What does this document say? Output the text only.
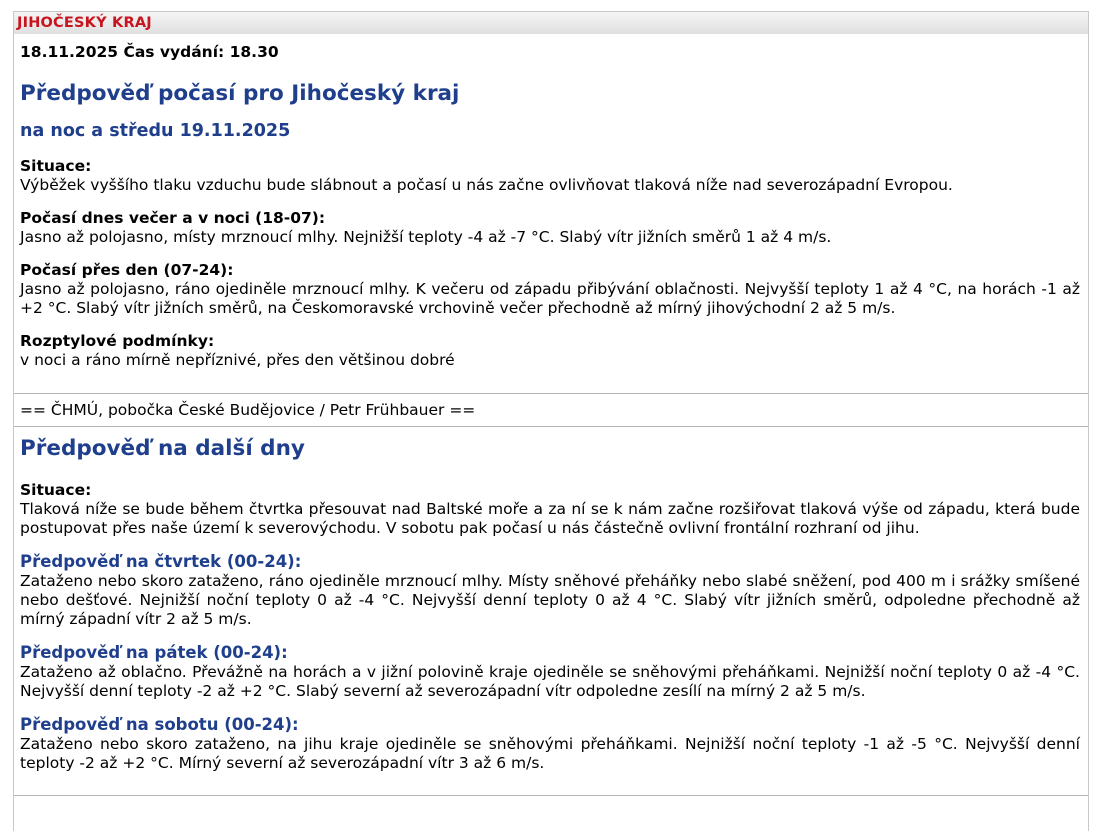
JIHOČESKÝ KRAJ
18.11.2025 Čas vydání: 18.30
Předpověď počasí pro Jihočeský kraj
na noc a středu 19.11.2025
Situace:
Výběžek vyššího tlaku vzduchu bude slábnout a počasí u nás začne ovlivňovat tlaková níže nad severozápadní Evropou.
Počasí dnes večer a v noci (18-07):
Jasno až polojasno, místy mrznoucí mlhy. Nejnižší teploty -4 až -7 °C. Slabý vítr jižních směrů 1 až 4 m/s.
Počasí přes den (07-24):
Jasno až polojasno, ráno ojediněle mrznoucí mlhy. K večeru od západu přibývání oblačnosti. Nejvyšší teploty 1 až 4 °C, na horách -1 až +2 °C. Slabý vítr jižních směrů, na Českomoravské vrchovině večer přechodně až mírný jihovýchodní 2 až 5 m/s.
Rozptylové podmínky:
v noci a ráno mírně nepříznivé, přes den většinou dobré
== ČHMÚ, pobočka České Budějovice / Petr Frühbauer ==
Předpověď na další dny
Situace:
Tlaková níže se bude během čtvrtka přesouvat nad Baltské moře a za ní se k nám začne rozšiřovat tlaková výše od západu, která bude postupovat přes naše území k severovýchodu. V sobotu pak počasí u nás částečně ovlivní frontální rozhraní od jihu.
Předpověď na čtvrtek (00-24):
Zataženo nebo skoro zataženo, ráno ojediněle mrznoucí mlhy. Místy sněhové přeháňky nebo slabé sněžení, pod 400 m i srážky smíšené nebo dešťové. Nejnižší noční teploty 0 až -4 °C. Nejvyšší denní teploty 0 až 4 °C. Slabý vítr jižních směrů, odpoledne přechodně až mírný západní vítr 2 až 5 m/s.
Předpověď na pátek (00-24):
Zataženo až oblačno. Převážně na horách a v jižní polovině kraje ojediněle se sněhovými přeháňkami. Nejnižší noční teploty 0 až -4 °C. Nejvyšší denní teploty -2 až +2 °C. Slabý severní až severozápadní vítr odpoledne zesílí na mírný 2 až 5 m/s.
Předpověď na sobotu (00-24):
Zataženo nebo skoro zataženo, na jihu kraje ojediněle se sněhovými přeháňkami. Nejnižší noční teploty -1 až -5 °C. Nejvyšší denní teploty -2 až +2 °C. Mírný severní až severozápadní vítr 3 až 6 m/s.
